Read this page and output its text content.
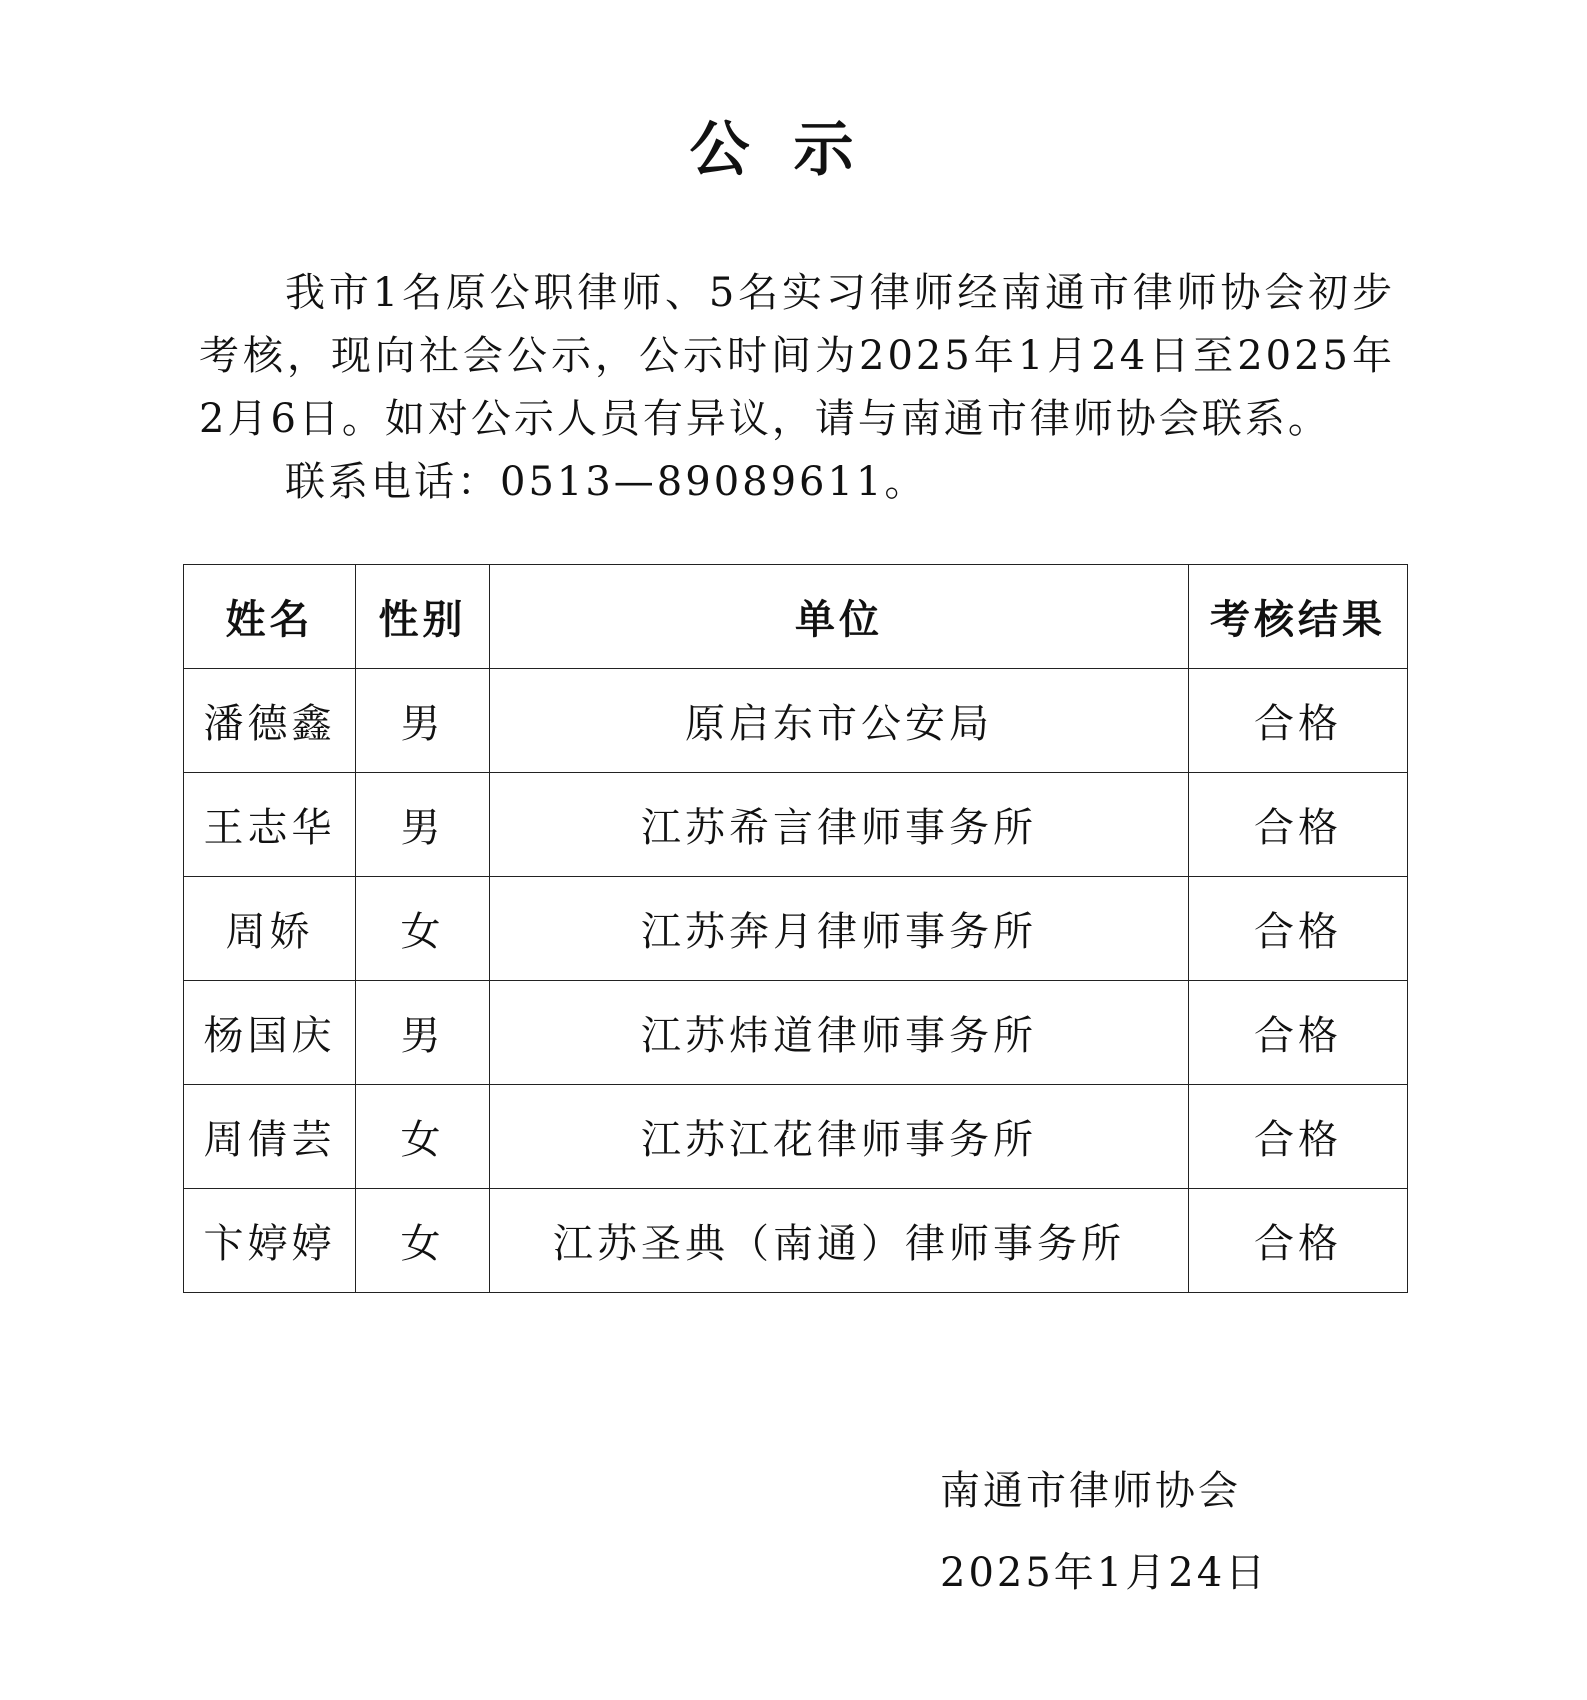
公示

我市1名原公职律师、5名实习律师经南通市律师协会初步考核，现向社会公示，公示时间为2025年1月24日至2025年2月6日。如对公示人员有异议，请与南通市律师协会联系。

联系电话：0513—89089611。

姓名	性别	单位	考核结果
潘德鑫	男	原启东市公安局	合格
王志华	男	江苏希言律师事务所	合格
周娇	女	江苏奔月律师事务所	合格
杨国庆	男	江苏炜道律师事务所	合格
周倩芸	女	江苏江花律师事务所	合格
卞婷婷	女	江苏圣典（南通）律师事务所	合格
南通市律师协会
2025年1月24日
